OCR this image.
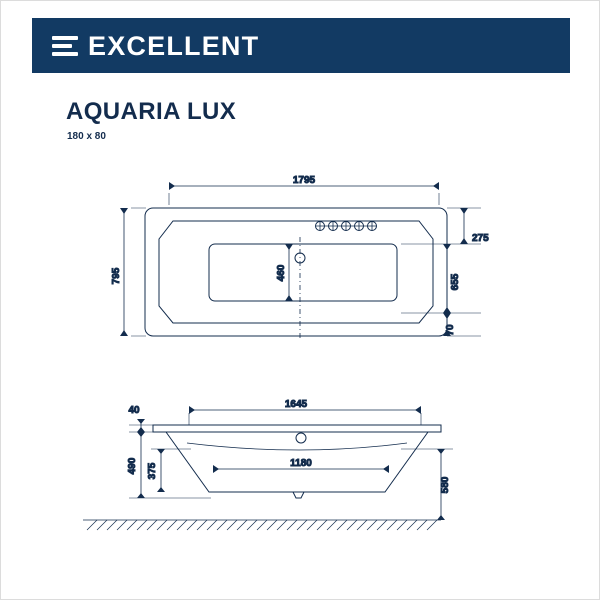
EXCELLENT
AQUARIA LUX
180 x 80
1795
795
275
655
70
460
1645
40
490 375	1180
580
